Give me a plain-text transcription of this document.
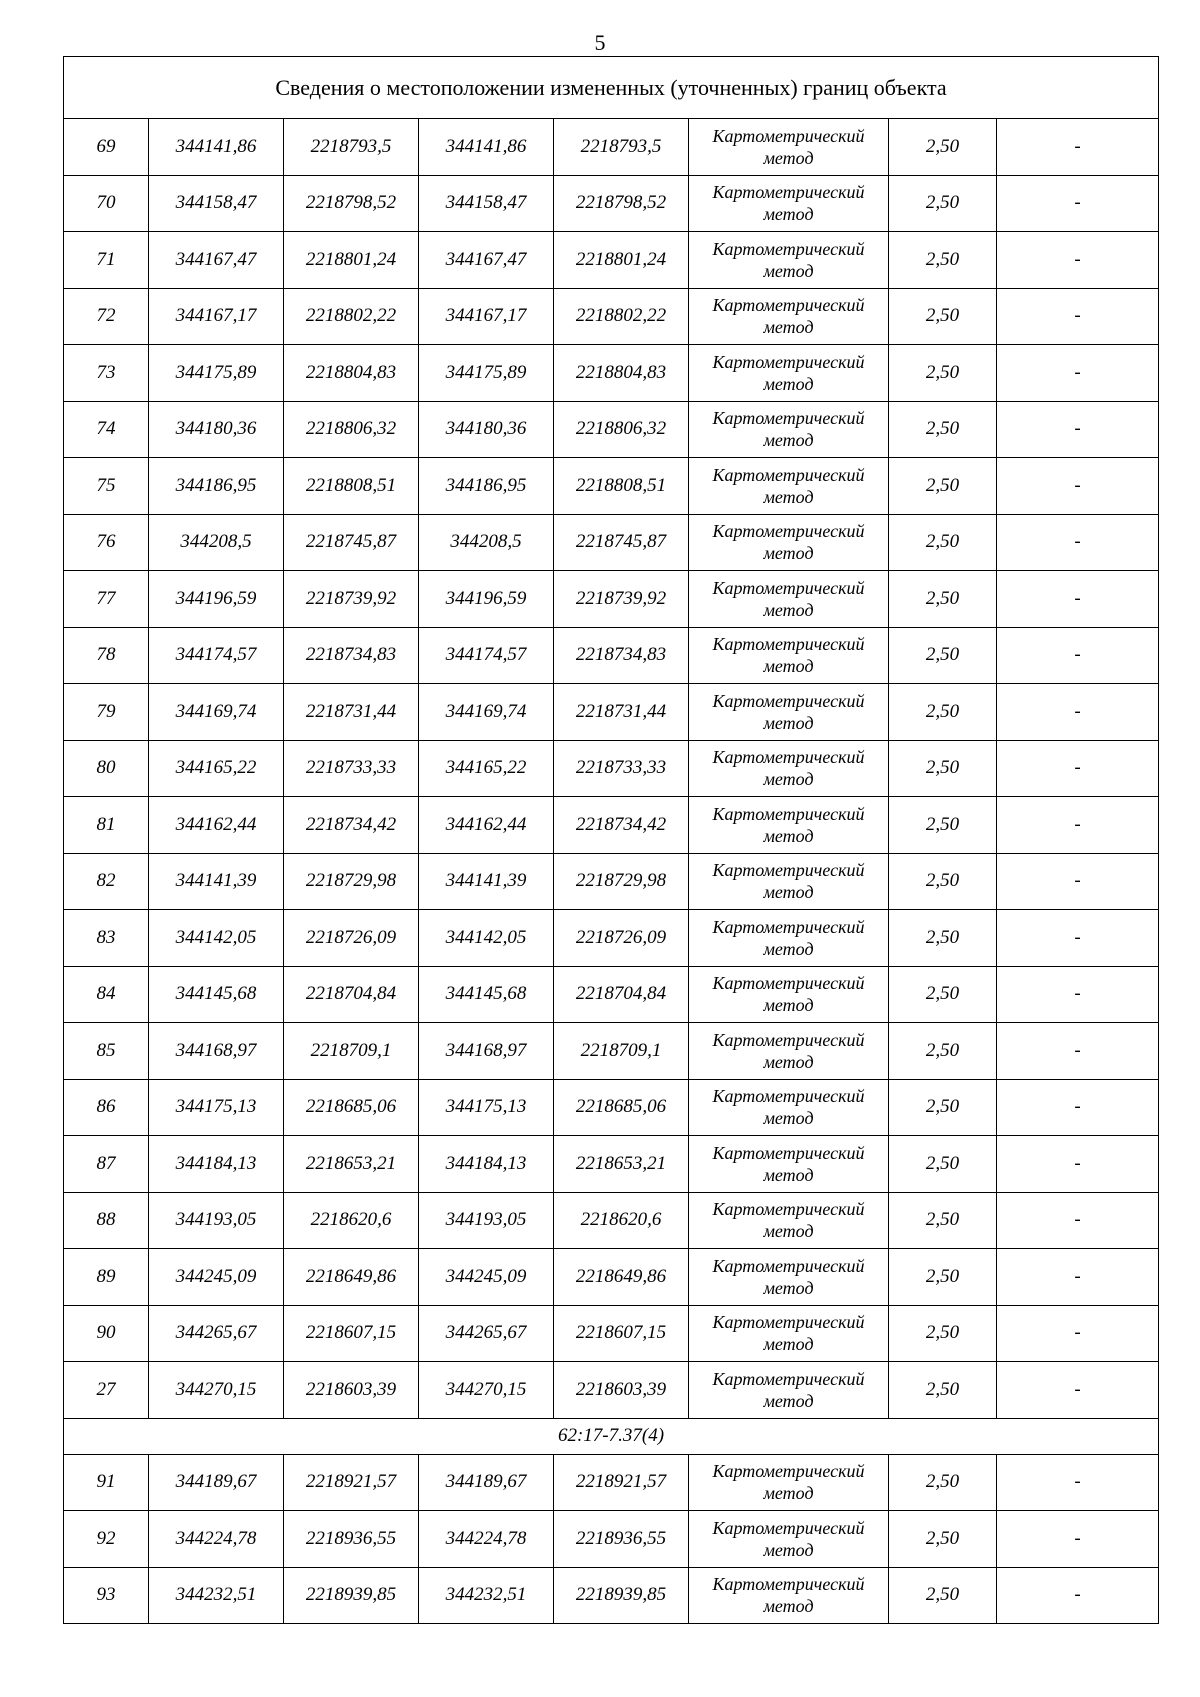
5
Сведения о местоположении измененных (уточненных) границ объекта							
69	344141,86	2218793,5	344141,86	2218793,5	Картометрический метод	2,50	-
70	344158,47	2218798,52	344158,47	2218798,52	Картометрический метод	2,50	-
71	344167,47	2218801,24	344167,47	2218801,24	Картометрический метод	2,50	-
72	344167,17	2218802,22	344167,17	2218802,22	Картометрический метод	2,50	-
73	344175,89	2218804,83	344175,89	2218804,83	Картометрический метод	2,50	-
74	344180,36	2218806,32	344180,36	2218806,32	Картометрический метод	2,50	-
75	344186,95	2218808,51	344186,95	2218808,51	Картометрический метод	2,50	-
76	344208,5	2218745,87	344208,5	2218745,87	Картометрический метод	2,50	-
77	344196,59	2218739,92	344196,59	2218739,92	Картометрический метод	2,50	-
78	344174,57	2218734,83	344174,57	2218734,83	Картометрический метод	2,50	-
79	344169,74	2218731,44	344169,74	2218731,44	Картометрический метод	2,50	-
80	344165,22	2218733,33	344165,22	2218733,33	Картометрический метод	2,50	-
81	344162,44	2218734,42	344162,44	2218734,42	Картометрический метод	2,50	-
82	344141,39	2218729,98	344141,39	2218729,98	Картометрический метод	2,50	-
83	344142,05	2218726,09	344142,05	2218726,09	Картометрический метод	2,50	-
84	344145,68	2218704,84	344145,68	2218704,84	Картометрический метод	2,50	-
85	344168,97	2218709,1	344168,97	2218709,1	Картометрический метод	2,50	-
86	344175,13	2218685,06	344175,13	2218685,06	Картометрический метод	2,50	-
87	344184,13	2218653,21	344184,13	2218653,21	Картометрический метод	2,50	-
88	344193,05	2218620,6	344193,05	2218620,6	Картометрический метод	2,50	-
89	344245,09	2218649,86	344245,09	2218649,86	Картометрический метод	2,50	-
90	344265,67	2218607,15	344265,67	2218607,15	Картометрический метод	2,50	-
27	344270,15	2218603,39	344270,15	2218603,39	Картометрический метод	2,50	-
62:17-7.37(4)							
91	344189,67	2218921,57	344189,67	2218921,57	Картометрический метод	2,50	-
92	344224,78	2218936,55	344224,78	2218936,55	Картометрический метод	2,50	-
93	344232,51	2218939,85	344232,51	2218939,85	Картометрический метод	2,50	-
